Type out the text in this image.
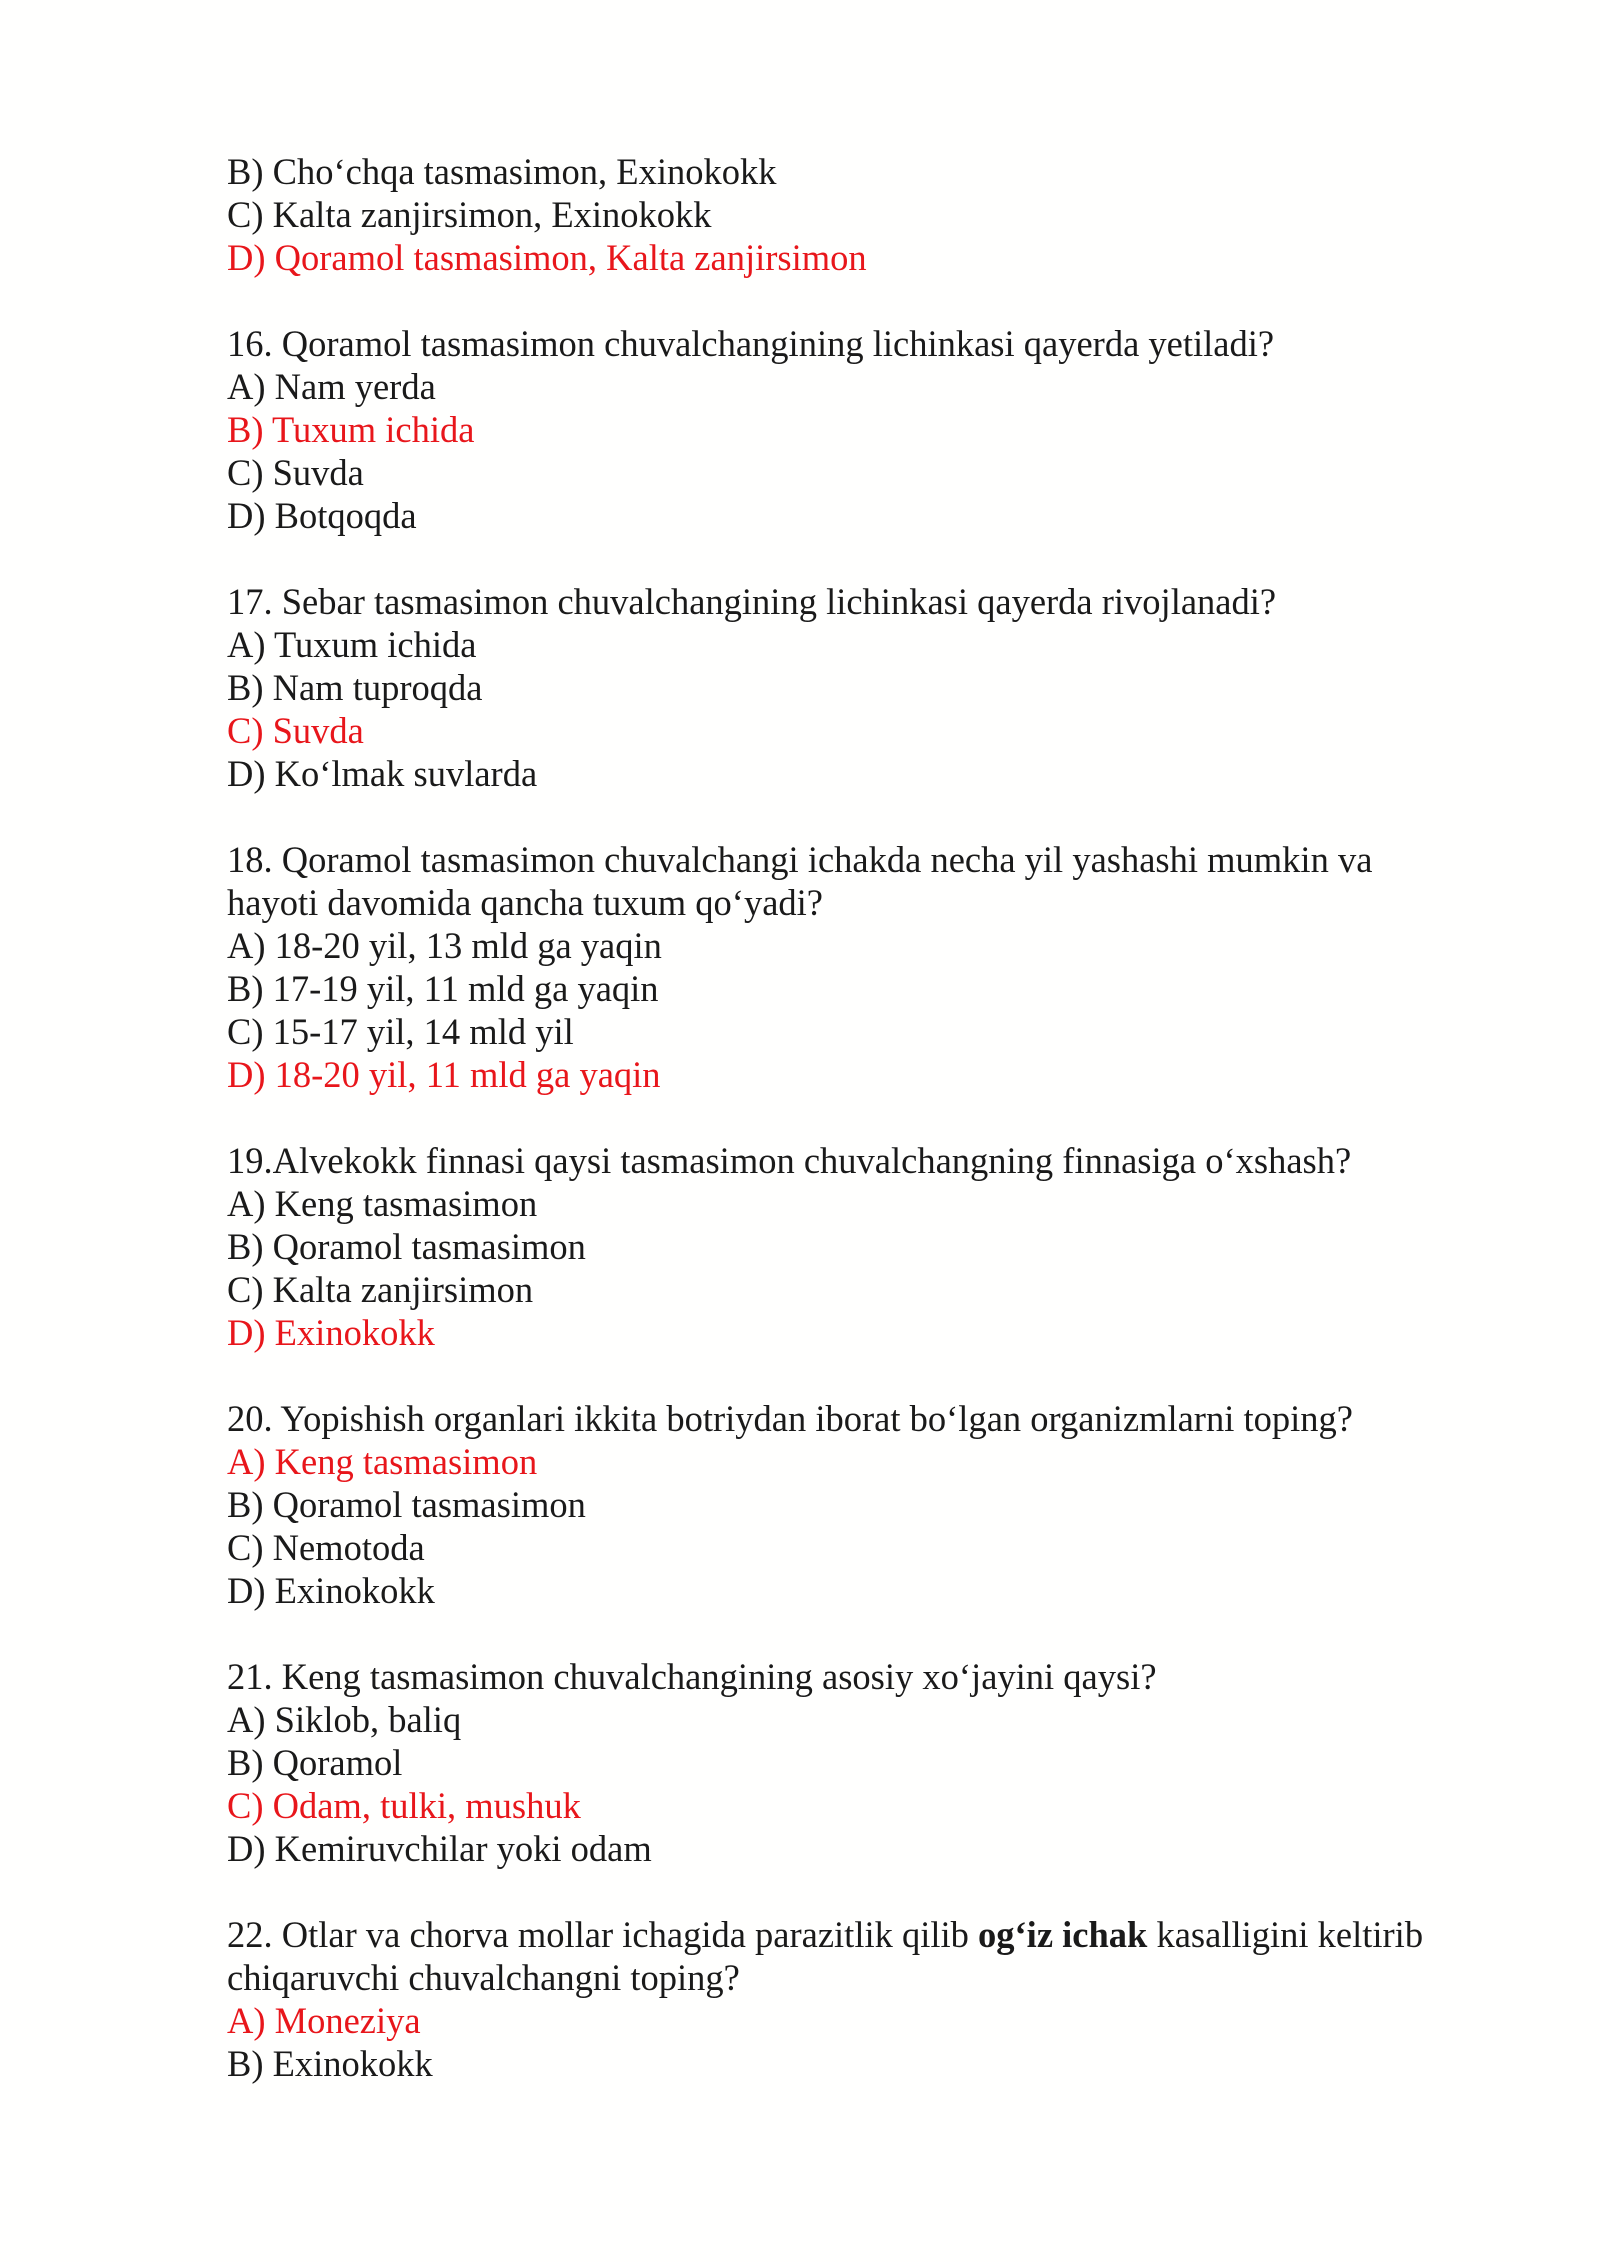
B) Cho‘chqa tasmasimon, Exinokokk
C) Kalta zanjirsimon, Exinokokk
D) Qoramol tasmasimon, Kalta zanjirsimon
16. Qoramol tasmasimon chuvalchangining lichinkasi qayerda yetiladi?
A) Nam yerda
B) Tuxum ichida
C) Suvda
D) Botqoqda
17. Sebar tasmasimon chuvalchangining lichinkasi qayerda rivojlanadi?
A) Tuxum ichida
B) Nam tuproqda
C) Suvda
D) Ko‘lmak suvlarda
18. Qoramol tasmasimon chuvalchangi ichakda necha yil yashashi mumkin va
hayoti davomida qancha tuxum qo‘yadi?
A) 18-20 yil, 13 mld ga yaqin
B) 17-19 yil, 11 mld ga yaqin
C) 15-17 yil, 14 mld yil
D) 18-20 yil, 11 mld ga yaqin
19.Alvekokk finnasi qaysi tasmasimon chuvalchangning finnasiga o‘xshash?
A) Keng tasmasimon
B) Qoramol tasmasimon
C) Kalta zanjirsimon
D) Exinokokk
20. Yopishish organlari ikkita botriydan iborat bo‘lgan organizmlarni toping?
A) Keng tasmasimon
B) Qoramol tasmasimon
C) Nemotoda
D) Exinokokk
21. Keng tasmasimon chuvalchangining asosiy xo‘jayini qaysi?
A) Siklob, baliq
B) Qoramol
C) Odam, tulki, mushuk
D) Kemiruvchilar yoki odam
22. Otlar va chorva mollar ichagida parazitlik qilib og‘iz ichak kasalligini keltirib
chiqaruvchi chuvalchangni toping?
A) Moneziya
B) Exinokokk
